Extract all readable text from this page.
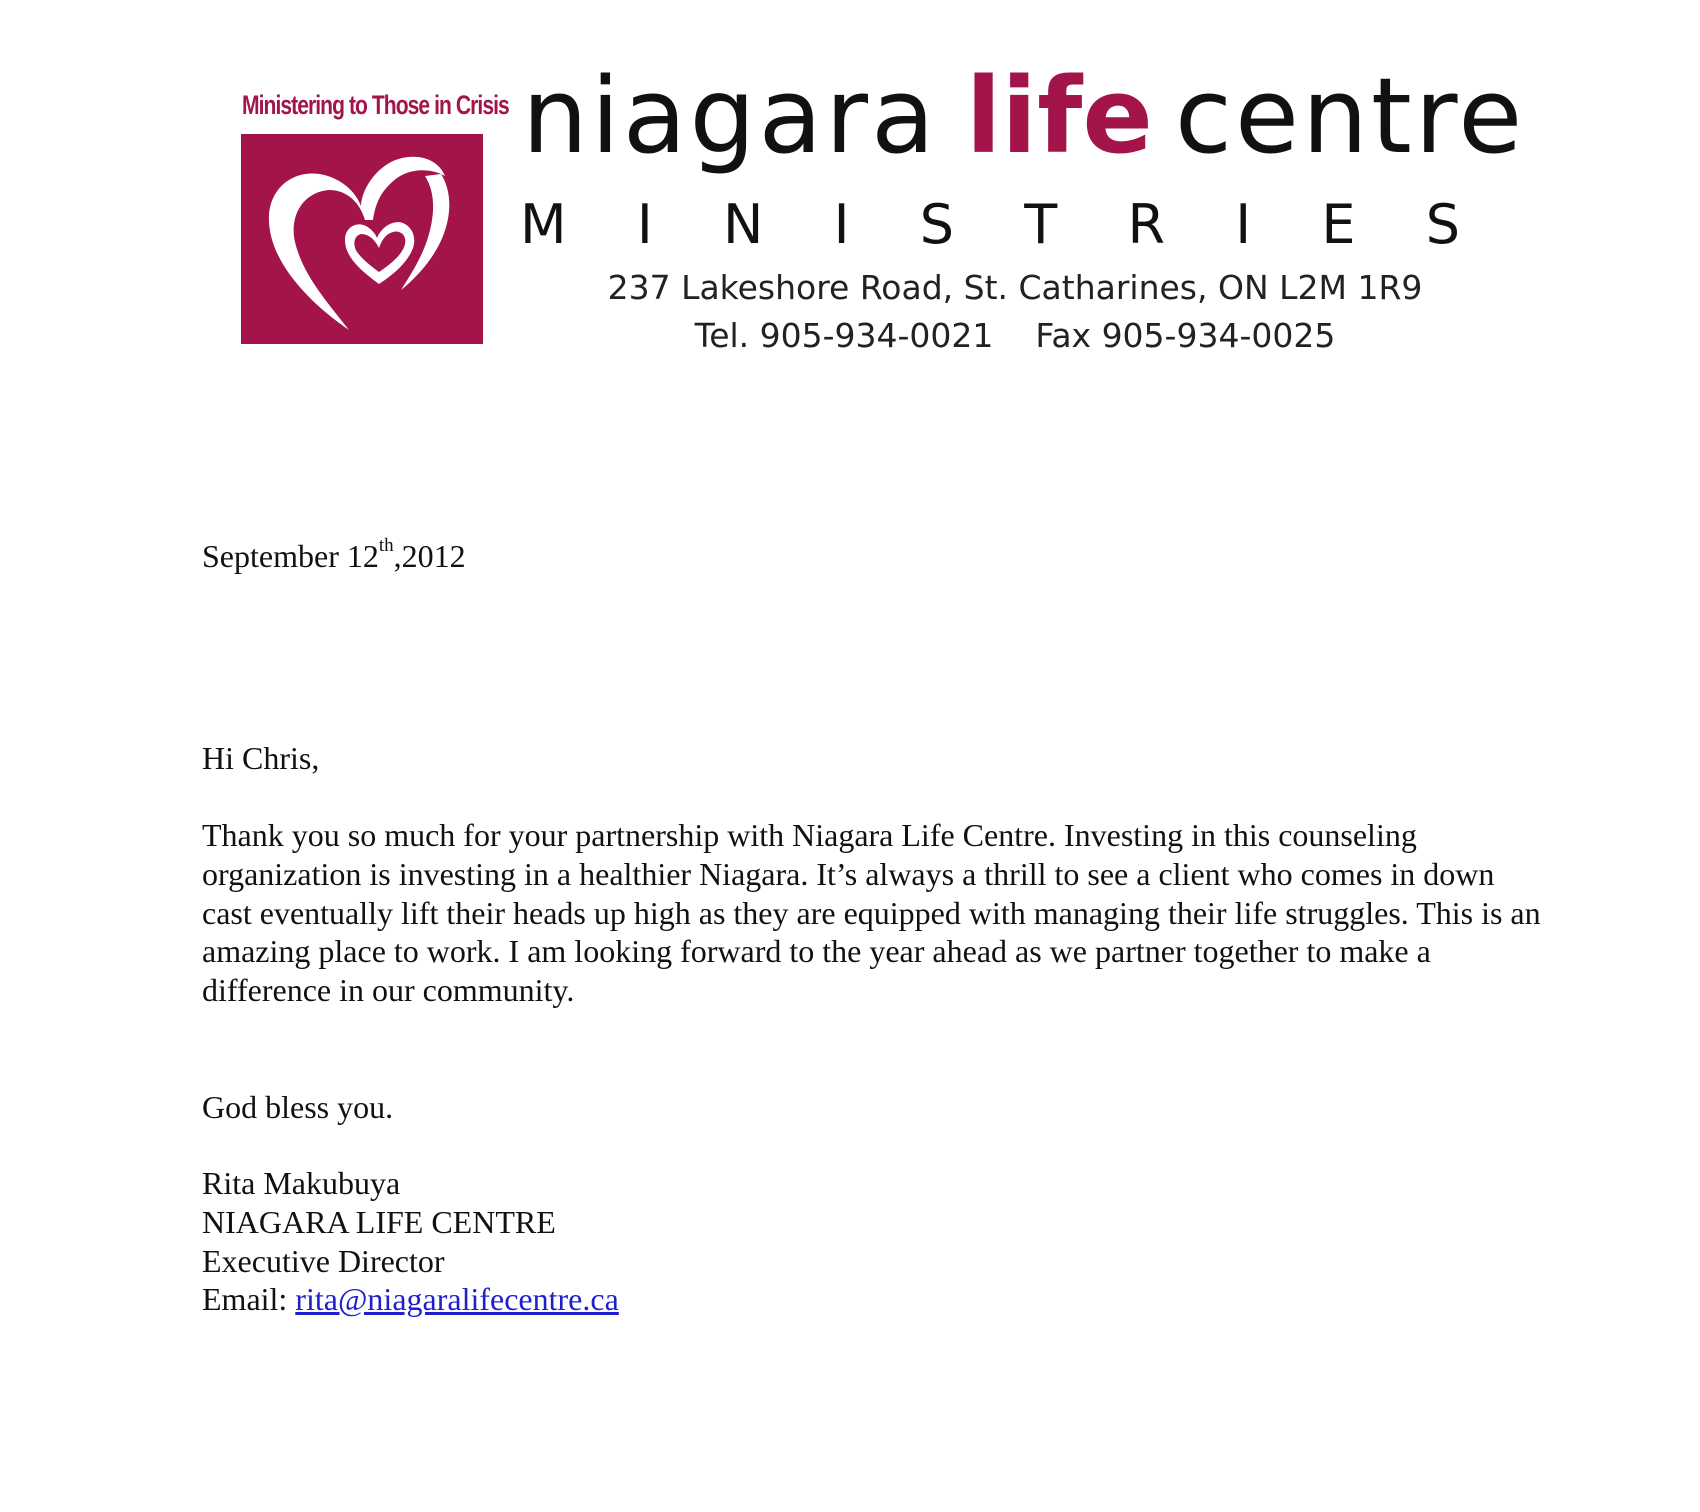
Ministering to Those in Crisis niagara life centre
M I N I S T R I E S
237 Lakeshore Road, St. Catharines, ON L2M 1R9
Tel. 905-934-0021    Fax 905-934-0025
September 12th,2012
Hi Chris,

Thank you so much for your partnership with Niagara Life Centre. Investing in this counseling organization is investing in a healthier Niagara. It’s always a thrill to see a client who comes in down cast eventually lift their heads up high as they are equipped with managing their life struggles. This is an amazing place to work. I am looking forward to the year ahead as we partner together to make a difference in our community.

God bless you.
Rita Makubuya
NIAGARA LIFE CENTRE
Executive Director
Email: rita@niagaralifecentre.ca
